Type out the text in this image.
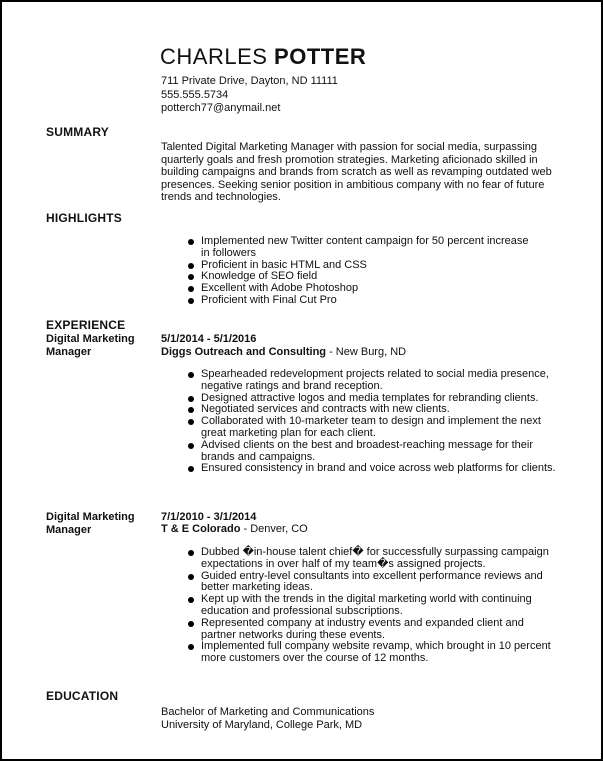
CHARLES POTTER
711 Private Drive, Dayton, ND 11111
555.555.5734
potterch77@anymail.net
SUMMARY
Talented Digital Marketing Manager with passion for social media, surpassing quarterly goals and fresh promotion strategies. Marketing aficionado skilled in building campaigns and brands from scratch as well as revamping outdated web presences. Seeking senior position in ambitious company with no fear of future trends and technologies.
HIGHLIGHTS
Implemented new Twitter content campaign for 50 percent increase in followers
Proficient in basic HTML and CSS
Knowledge of SEO field
Excellent with Adobe Photoshop
Proficient with Final Cut Pro
EXPERIENCE
Digital Marketing Manager
5/1/2014 - 5/1/2016
Diggs Outreach and Consulting - New Burg, ND
Spearheaded redevelopment projects related to social media presence, negative ratings and brand reception.
Designed attractive logos and media templates for rebranding clients.
Negotiated services and contracts with new clients.
Collaborated with 10-marketer team to design and implement the next great marketing plan for each client.
Advised clients on the best and broadest-reaching message for their brands and campaigns.
Ensured consistency in brand and voice across web platforms for clients.
Digital Marketing Manager
7/1/2010 - 3/1/2014
T & E Colorado - Denver, CO
Dubbed �in-house talent chief� for successfully surpassing campaign expectations in over half of my team�s assigned projects.
Guided entry-level consultants into excellent performance reviews and better marketing ideas.
Kept up with the trends in the digital marketing world with continuing education and professional subscriptions.
Represented company at industry events and expanded client and partner networks during these events.
Implemented full company website revamp, which brought in 10 percent more customers over the course of 12 months.
EDUCATION
Bachelor of Marketing and Communications
University of Maryland, College Park, MD
